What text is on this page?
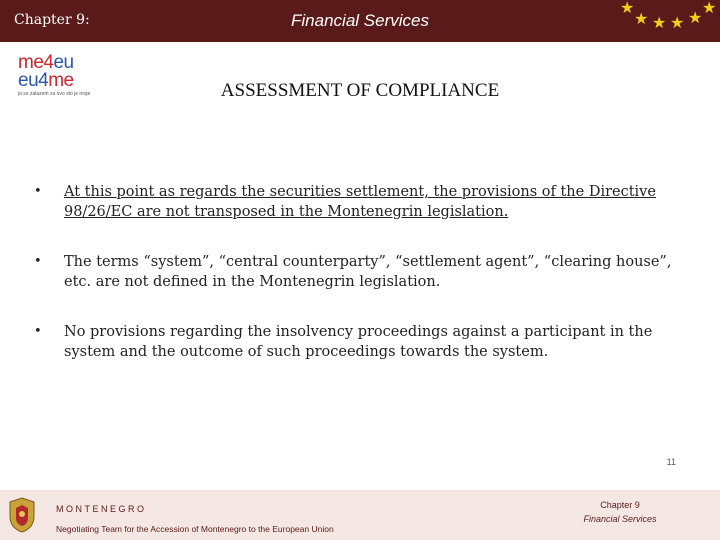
Chapter 9:	Financial Services
★
★ ★ ★ ★
★
me4eu
eu4me
ja se zalazem za ovo sto je moje	ASSESSMENT OF COMPLIANCE
• At this point as regards the securities settlement, the provisions of the Directive 98/26/EC are not transposed in the Montenegrin legislation.
• The terms “system”, “central counterparty”, “settlement agent”, “clearing house”, etc. are not defined in the Montenegrin legislation.
• No provisions regarding the insolvency proceedings against a participant in the system and the outcome of such proceedings towards the system.
11
MONTENEGRO
Negotiating Team for the Accession of Montenegro to the European Union
Chapter 9
Financial Services
